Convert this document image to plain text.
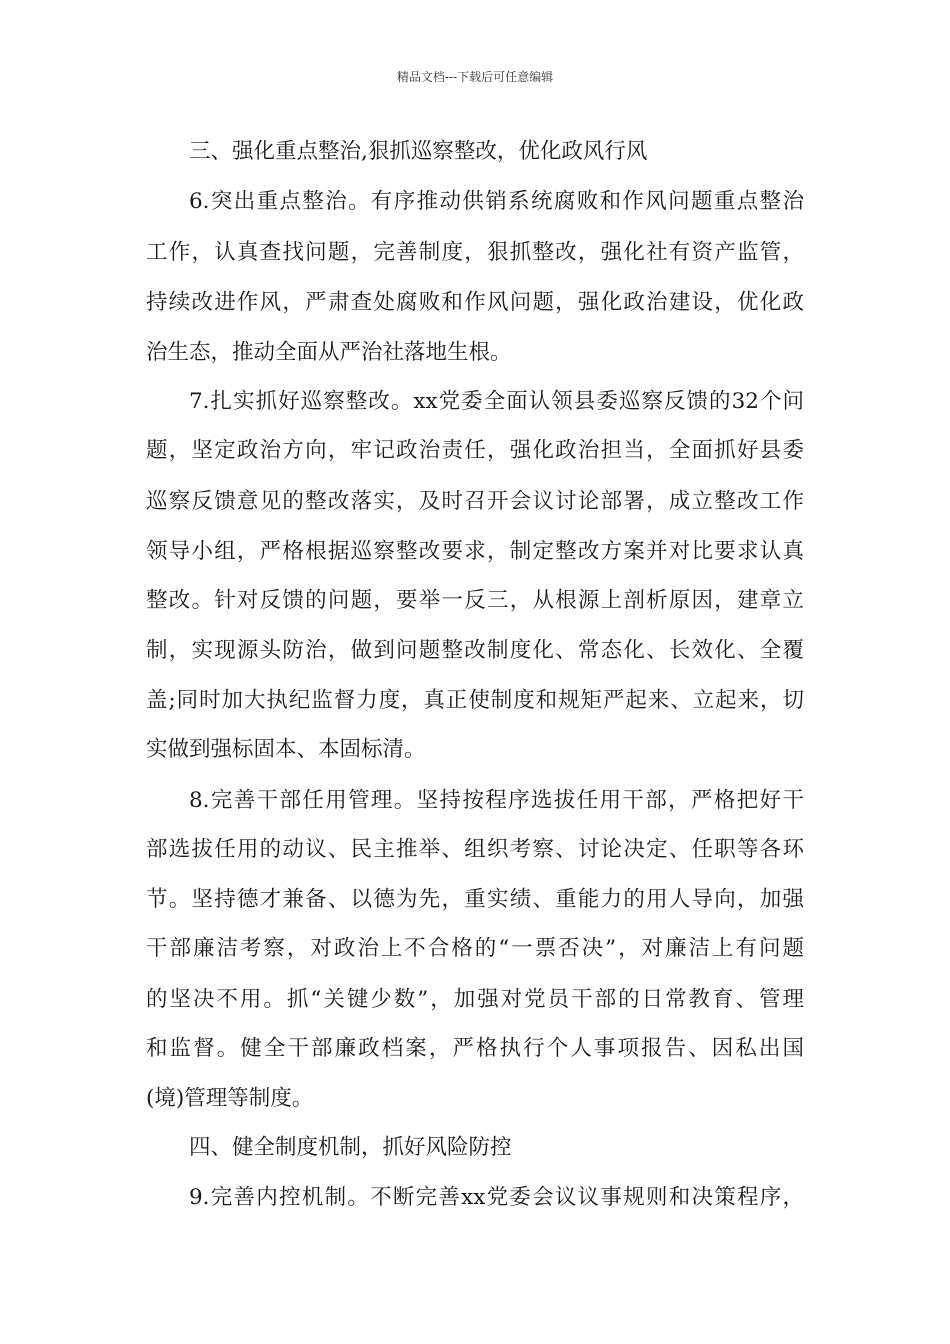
精品文档---下载后可任意编辑
三、强化重点整治,狠抓巡察整改，优化政风行风
6.突出重点整治。有序推动供销系统腐败和作风问题重点整治
工作，认真查找问题，完善制度，狠抓整改，强化社有资产监管，
持续改进作风，严肃查处腐败和作风问题，强化政治建设，优化政
治生态，推动全面从严治社落地生根。
7.扎实抓好巡察整改。xx党委全面认领县委巡察反馈的32个问
题，坚定政治方向，牢记政治责任，强化政治担当，全面抓好县委
巡察反馈意见的整改落实，及时召开会议讨论部署，成立整改工作
领导小组，严格根据巡察整改要求，制定整改方案并对比要求认真
整改。针对反馈的问题，要举一反三，从根源上剖析原因，建章立
制，实现源头防治，做到问题整改制度化、常态化、长效化、全覆
盖;同时加大执纪监督力度，真正使制度和规矩严起来、立起来，切
实做到强标固本、本固标清。
8.完善干部任用管理。坚持按程序选拔任用干部，严格把好干
部选拔任用的动议、民主推举、组织考察、讨论决定、任职等各环
节。坚持德才兼备、以德为先，重实绩、重能力的用人导向，加强
干部廉洁考察，对政治上不合格的“一票否决”，对廉洁上有问题
的坚决不用。抓“关键少数”，加强对党员干部的日常教育、管理
和监督。健全干部廉政档案，严格执行个人事项报告、因私出国
(境)管理等制度。
四、健全制度机制，抓好风险防控
9.完善内控机制。不断完善xx党委会议议事规则和决策程序，
